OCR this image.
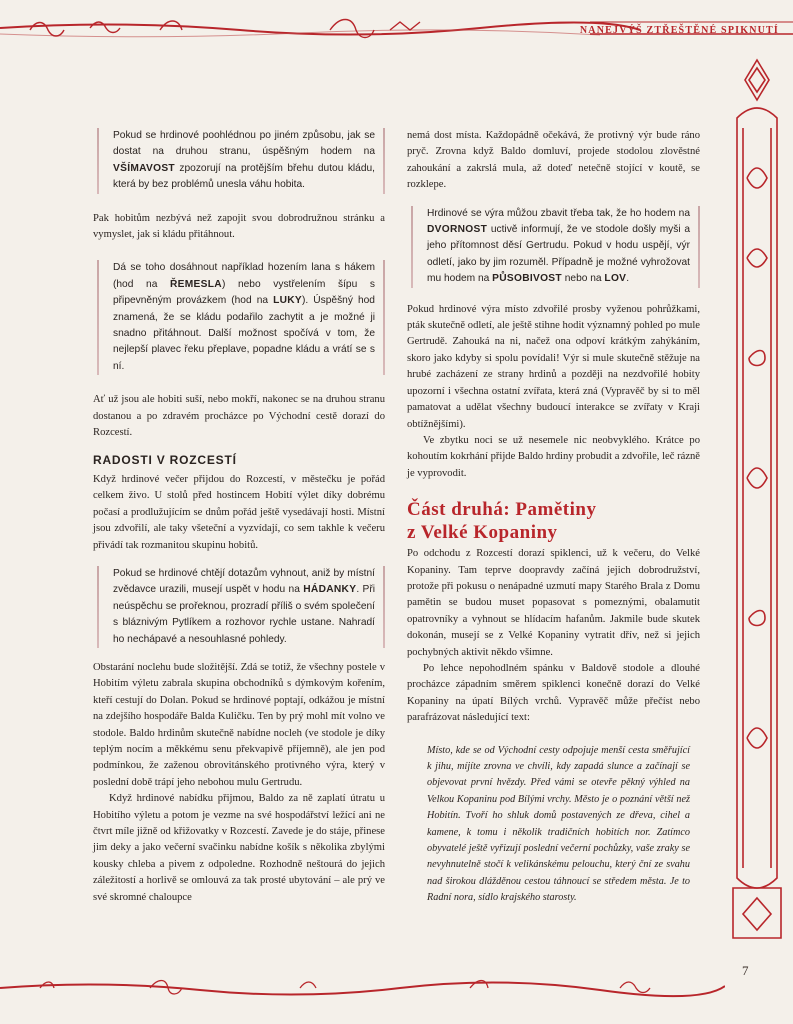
NANEJVÝŠ ZTŘEŠTĚNÉ SPIKNUTÍ
7
Pokud se hrdinové poohlédnou po jiném způsobu, jak se dostat na druhou stranu, úspěšným hodem na VŠÍMAVOST zpozorují na protějším břehu dutou kládu, která by bez problémů unesla váhu hobita.

Pak hobitům nezbývá než zapojit svou dobrodružnou stránku a vymyslet, jak si kládu přitáhnout.

Dá se toho dosáhnout například hozením lana s hákem (hod na ŘEMESLA) nebo vystřelením šípu s připevněným provázkem (hod na LUKY). Úspěšný hod znamená, že se kládu podařilo zachytit a je možné ji snadno přitáhnout. Další možnost spočívá v tom, že nejlepší plavec řeku přeplave, popadne kládu a vrátí se s ní.

Ať už jsou ale hobiti suší, nebo mokří, nakonec se na druhou stranu dostanou a po zdravém procházce po Východní cestě dorazí do Rozcestí.

RADOSTI V ROZCESTÍ

Když hrdinové večer přijdou do Rozcestí, v městečku je pořád celkem živo. U stolů před hostincem Hobití výlet díky dobrému počasí a prodlužujícím se dnům pořád ještě vysedávají hosti. Místní jsou zdvořilí, ale taky všeteční a vyzvídají, co sem takhle k večeru přivádí tak rozmanitou skupinu hobitů.

Pokud se hrdinové chtějí dotazům vyhnout, aniž by místní zvědavce urazili, musejí uspět v hodu na HÁDANKY. Při neúspěchu se prořeknou, prozradí příliš o svém společení s bláznivým Pytlíkem a rozhovor rychle ustane. Nahradí ho nechápavé a nesouhlasné pohledy.

Obstarání noclehu bude složitější. Zdá se totiž, že všechny postele v Hobitím výletu zabrala skupina obchodníků s dýmkovým kořením, kteří cestují do Dolan. Pokud se hrdinové poptají, odkážou je místní na zdejšího hospodáře Balda Kuličku. Ten by prý mohl mít volno ve stodole. Baldo hrdinům skutečně nabídne nocleh (ve stodole je díky teplým nocím a měkkému senu překvapivě příjemně), ale jen pod podmínkou, že zaženou obrovitánského protivného výra, který v poslední době trápí jeho nebohou mulu Gertrudu.

Když hrdinové nabídku přijmou, Baldo za ně zaplatí útratu u Hobitího výletu a potom je vezme na své hospodářství ležící ani ne čtvrt míle jižně od křižovatky v Rozcestí. Zavede je do stáje, přinese jim deky a jako večerní svačinku nabídne košík s několika zbylými kousky chleba a pivem z odpoledne. Rozhodně neštourá do jejich záležitostí a horlivě se omlouvá za tak prosté ubytování – ale prý ve své skromné chaloupce

nemá dost místa. Každopádně očekává, že protivný výr bude ráno pryč. Zrovna když Baldo domluví, projede stodolou zlověstné zahoukání a zakrslá mula, až doteď netečně stojící v koutě, se rozklepe.

Hrdinové se výra můžou zbavit třeba tak, že ho hodem na DVORNOST uctivě informují, že ve stodole došly myši a jeho přítomnost děsí Gertrudu. Pokud v hodu uspějí, výr odletí, jako by jim rozuměl. Případně je možné vyhrožovat mu hodem na PŮSOBIVOST nebo na LOV.

Pokud hrdinové výra místo zdvořilé prosby vyženou pohrůžkami, pták skutečně odletí, ale ještě stihne hodit významný pohled po mule Gertrudě. Zahouká na ni, načež ona odpoví krátkým zahýkáním, skoro jako kdyby si spolu povídali! Výr si mule skutečně stěžuje na hrubé zacházení ze strany hrdinů a později na nezdvořilé hobity upozorní i všechna ostatní zvířata, která zná (Vypravěč by si to měl pamatovat a udělat všechny budoucí interakce se zvířaty v Kraji obtížnějšími).

Ve zbytku noci se už nesemele nic neobvyklého. Krátce po kohoutím kokrhání přijde Baldo hrdiny probudit a zdvořile, leč rázně je vyprovodit.

Část druhá: Pamětiny
z Velké Kopaniny

Po odchodu z Rozcestí dorazí spiklenci, už k večeru, do Velké Kopaniny. Tam teprve doopravdy začíná jejich dobrodružství, protože při pokusu o nenápadné uzmutí mapy Starého Brala z Domu pamětin se budou muset popasovat s pomeznými, obalamutit opatrovníky a vyhnout se hlídacím hafanům. Jakmile bude skutek dokonán, musejí se z Velké Kopaniny vytratit dřív, než si jejich pochybných aktivit někdo všimne.

Po lehce nepohodlném spánku v Baldově stodole a dlouhé procházce západním směrem spiklenci konečně dorazí do Velké Kopaniny na úpatí Bílých vrchů. Vypravěč může přečíst nebo parafrázovat následující text:

Místo, kde se od Východní cesty odpojuje menší cesta směřující k jihu, míjíte zrovna ve chvíli, kdy zapadá slunce a začínají se objevovat první hvězdy. Před vámi se otevře pěkný výhled na Velkou Kopaninu pod Bílými vrchy. Město je o poznání větší než Hobitín. Tvoří ho shluk domů postavených ze dřeva, cihel a kamene, k tomu i několik tradičních hobitích nor. Zatímco obyvatelé ještě vyřizují poslední večerní pochůzky, vaše zraky se nevyhnutelně stočí k velikánskému pelouchu, který ční ze svahu nad širokou dlážděnou cestou táhnoucí se středem města. Je to Radní nora, sídlo krajského starosty.
